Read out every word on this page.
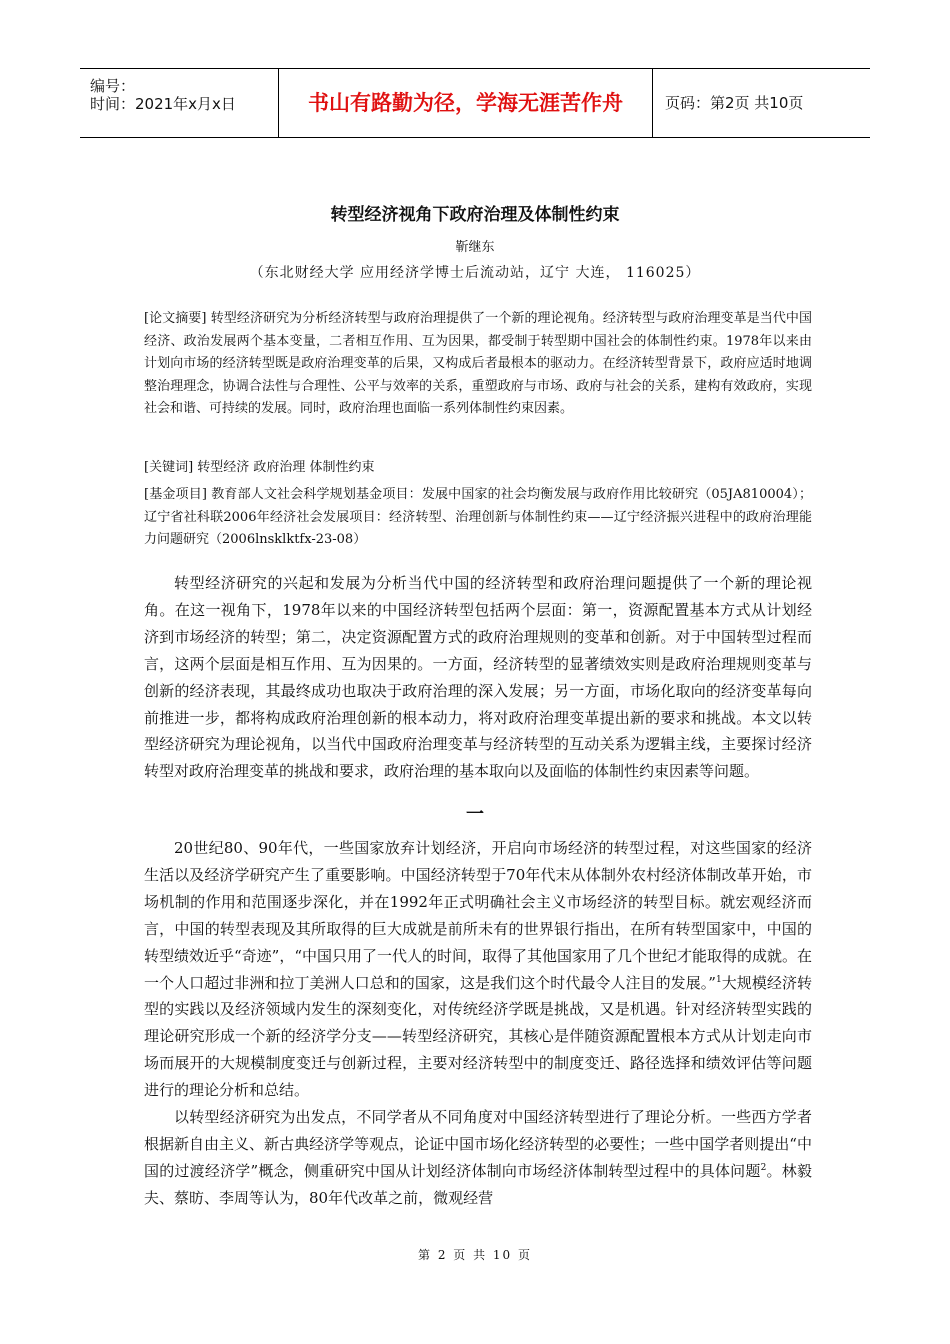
编号：
时间：2021年x月x日	书山有路勤为径，学海无涯苦作舟	页码：第2页 共10页
转型经济视角下政府治理及体制性约束
靳继东
（东北财经大学 应用经济学博士后流动站，辽宁 大连， 116025）
[论文摘要] 转型经济研究为分析经济转型与政府治理提供了一个新的理论视角。经济转型与政府治理变革是当代中国经济、政治发展两个基本变量，二者相互作用、互为因果，都受制于转型期中国社会的体制性约束。1978年以来由计划向市场的经济转型既是政府治理变革的后果，又构成后者最根本的驱动力。在经济转型背景下，政府应适时地调整治理理念，协调合法性与合理性、公平与效率的关系，重塑政府与市场、政府与社会的关系，建构有效政府，实现社会和谐、可持续的发展。同时，政府治理也面临一系列体制性约束因素。
[关键词] 转型经济 政府治理 体制性约束
[基金项目] 教育部人文社会科学规划基金项目：发展中国家的社会均衡发展与政府作用比较研究（05JA810004）；辽宁省社科联2006年经济社会发展项目：经济转型、治理创新与体制性约束——辽宁经济振兴进程中的政府治理能力问题研究（2006lnsklktfx-23-08）

转型经济研究的兴起和发展为分析当代中国的经济转型和政府治理问题提供了一个新的理论视角。在这一视角下，1978年以来的中国经济转型包括两个层面：第一，资源配置基本方式从计划经济到市场经济的转型；第二，决定资源配置方式的政府治理规则的变革和创新。对于中国转型过程而言，这两个层面是相互作用、互为因果的。一方面，经济转型的显著绩效实则是政府治理规则变革与创新的经济表现，其最终成功也取决于政府治理的深入发展；另一方面，市场化取向的经济变革每向前推进一步，都将构成政府治理创新的根本动力，将对政府治理变革提出新的要求和挑战。本文以转型经济研究为理论视角，以当代中国政府治理变革与经济转型的互动关系为逻辑主线，主要探讨经济转型对政府治理变革的挑战和要求，政府治理的基本取向以及面临的体制性约束因素等问题。

一

20世纪80、90年代，一些国家放弃计划经济，开启向市场经济的转型过程，对这些国家的经济生活以及经济学研究产生了重要影响。中国经济转型于70年代末从体制外农村经济体制改革开始，市场机制的作用和范围逐步深化，并在1992年正式明确社会主义市场经济的转型目标。就宏观经济而言，中国的转型表现及其所取得的巨大成就是前所未有的世界银行指出，在所有转型国家中，中国的转型绩效近乎“奇迹”，“中国只用了一代人的时间，取得了其他国家用了几个世纪才能取得的成就。在一个人口超过非洲和拉丁美洲人口总和的国家，这是我们这个时代最令人注目的发展。”$^1$大规模经济转型的实践以及经济领域内发生的深刻变化，对传统经济学既是挑战，又是机遇。针对经济转型实践的理论研究形成一个新的经济学分支——转型经济研究，其核心是伴随资源配置根本方式从计划走向市场而展开的大规模制度变迁与创新过程，主要对经济转型中的制度变迁、路径选择和绩效评估等问题进行的理论分析和总结。

以转型经济研究为出发点，不同学者从不同角度对中国经济转型进行了理论分析。一些西方学者根据新自由主义、新古典经济学等观点，论证中国市场化经济转型的必要性；一些中国学者则提出“中国的过渡经济学”概念，侧重研究中国从计划经济体制向市场经济体制转型过程中的具体问题$^2$。林毅夫、蔡昉、李周等认为，80年代改革之前，微观经营

第 2 页 共 10 页
